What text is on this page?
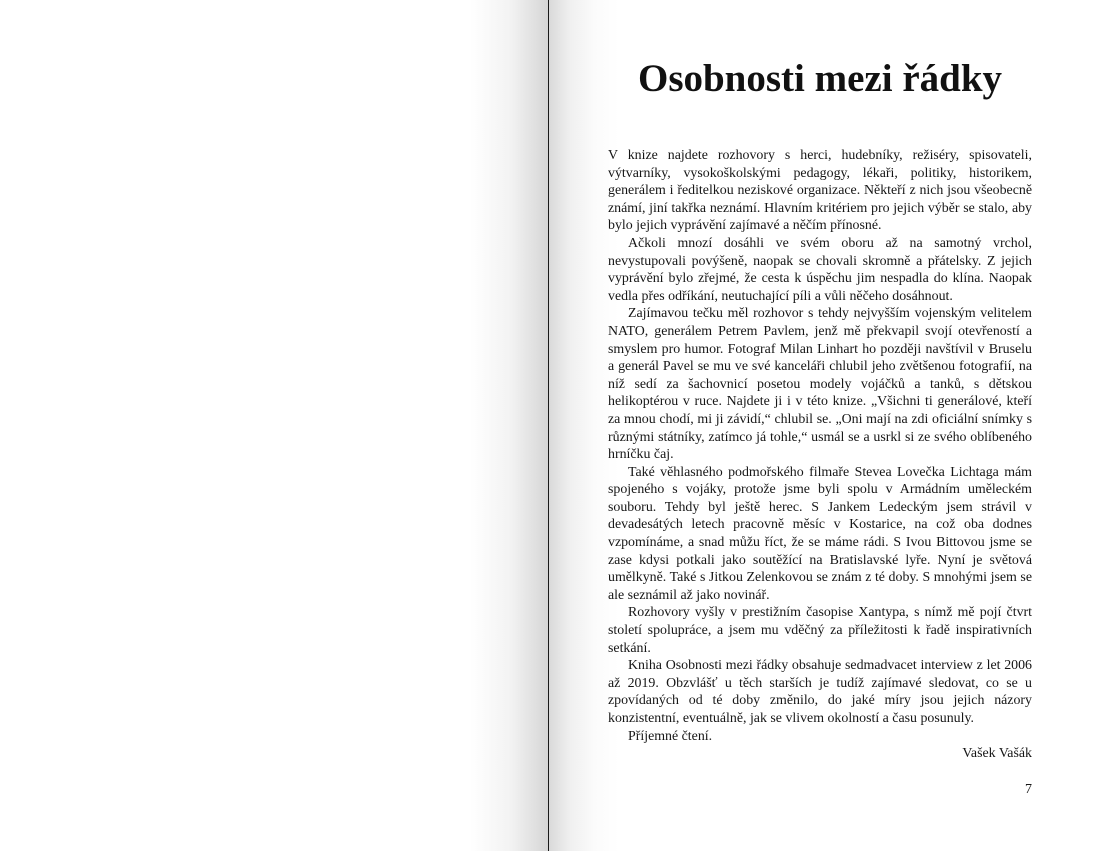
Osobnosti mezi řádky

V knize najdete rozhovory s herci, hudebníky, režiséry, spisovateli, výtvarníky, vysokoškolskými pedagogy, lékaři, politiky, historikem, generálem i ředitelkou neziskové organizace. Někteří z nich jsou všeobecně známí, jiní takřka neznámí. Hlavním kritériem pro jejich výběr se stalo, aby bylo jejich vyprávění zajímavé a něčím přínosné.

Ačkoli mnozí dosáhli ve svém oboru až na samotný vrchol, nevystupovali povýšeně, naopak se chovali skromně a přátelsky. Z jejich vyprávění bylo zřejmé, že cesta k úspěchu jim nespadla do klína. Naopak vedla přes odříkání, neutuchající píli a vůli něčeho dosáhnout.

Zajímavou tečku měl rozhovor s tehdy nejvyšším vojenským velitelem NATO, generálem Petrem Pavlem, jenž mě překvapil svojí otevřeností a smyslem pro humor. Fotograf Milan Linhart ho později navštívil v Bruselu a generál Pavel se mu ve své kanceláři chlubil jeho zvětšenou fotografií, na níž sedí za šachovnicí posetou modely vojáčků a tanků, s dětskou helikoptérou v ruce. Najdete ji i v této knize. „Všichni ti generálové, kteří za mnou chodí, mi ji závidí,“ chlubil se. „Oni mají na zdi oficiální snímky s různými státníky, zatímco já tohle,“ usmál se a usrkl si ze svého oblíbeného hrníčku čaj.

Také věhlasného podmořského filmaře Stevea Lovečka Lichtaga mám spojeného s vojáky, protože jsme byli spolu v Armádním uměleckém souboru. Tehdy byl ještě herec. S Jankem Ledeckým jsem strávil v devadesátých letech pracovně měsíc v Kostarice, na což oba dodnes vzpomínáme, a snad můžu říct, že se máme rádi. S Ivou Bittovou jsme se zase kdysi potkali jako soutěžící na Bratislavské lyře. Nyní je světová umělkyně. Také s Jitkou Zelenkovou se znám z té doby. S mnohými jsem se ale seznámil až jako novinář.

Rozhovory vyšly v prestižním časopise Xantypa, s nímž mě pojí čtvrt století spolupráce, a jsem mu vděčný za příležitosti k řadě inspirativních setkání.

Kniha Osobnosti mezi řádky obsahuje sedmadvacet interview z let 2006 až 2019. Obzvlášť u těch starších je tudíž zajímavé sledovat, co se u zpovídaných od té doby změnilo, do jaké míry jsou jejich názory konzistentní, eventuálně, jak se vlivem okolností a času posunuly.

Příjemné čtení.

Vašek Vašák

7
